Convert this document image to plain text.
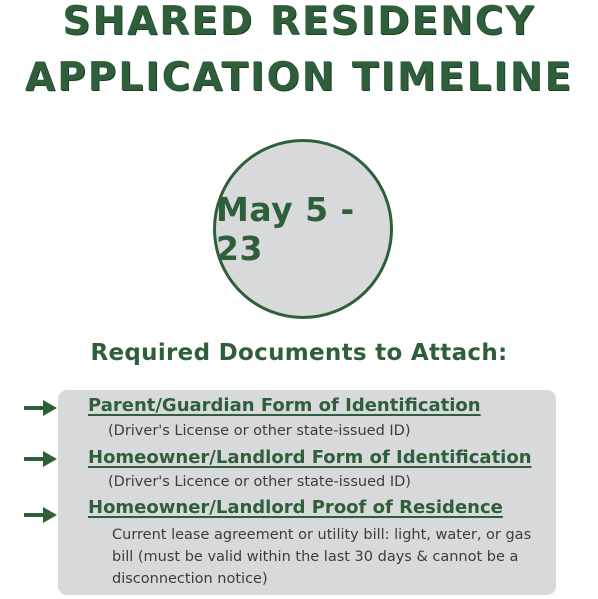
SHARED RESIDENCY
APPLICATION TIMELINE
May 5 - 23
Required Documents to Attach:
Parent/Guardian Form of Identification
(Driver's License or other state-issued ID)
Homeowner/Landlord Form of Identification
(Driver's Licence or other state-issued ID)
Homeowner/Landlord Proof of Residence
Current lease agreement or utility bill: light, water, or gas bill (must be valid within the last 30 days & cannot be a disconnection notice)
